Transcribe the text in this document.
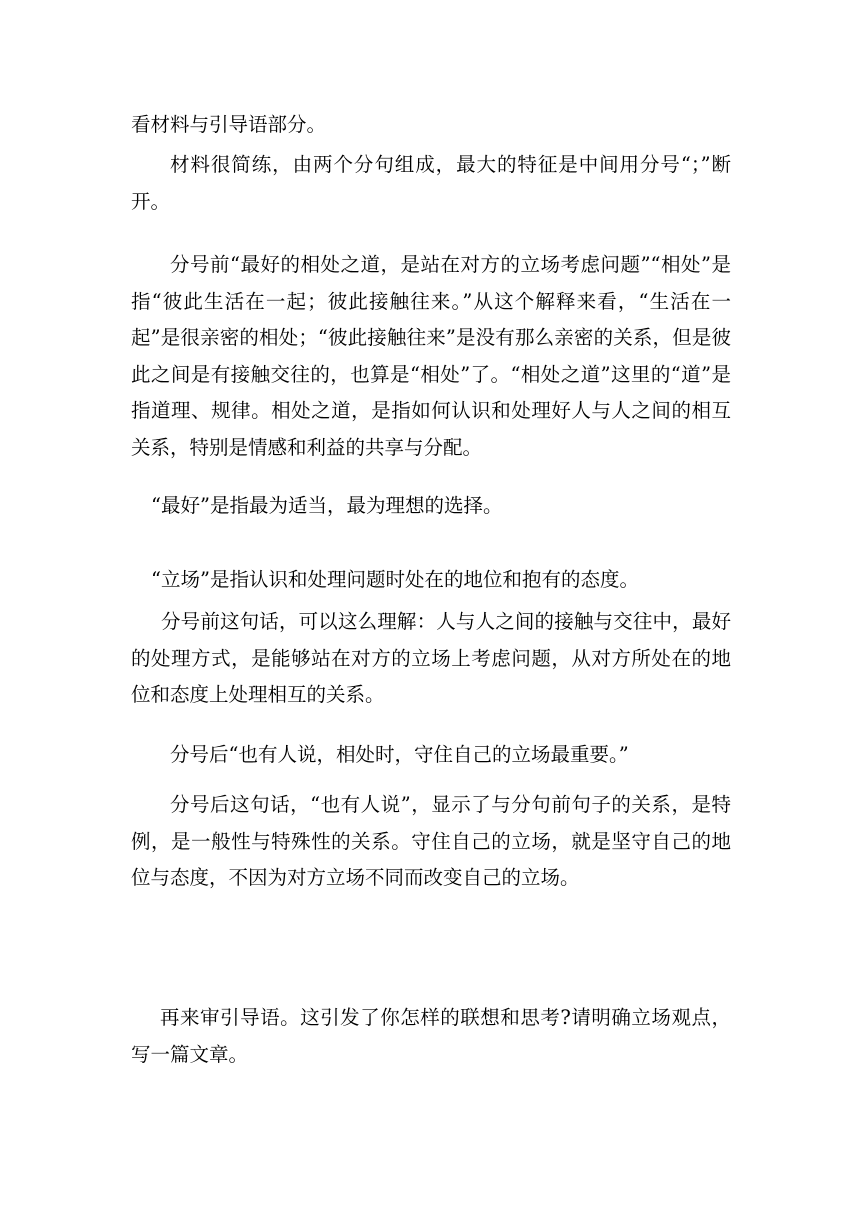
看材料与引导语部分。

材料很简练，由两个分句组成，最大的特征是中间用分号“；”断开。

分号前“最好的相处之道，是站在对方的立场考虑问题”“相处”是指“彼此生活在一起；彼此接触往来。”从这个解释来看，“生活在一起”是很亲密的相处；“彼此接触往来”是没有那么亲密的关系，但是彼此之间是有接触交往的，也算是“相处”了。“相处之道”这里的“道”是指道理、规律。相处之道，是指如何认识和处理好人与人之间的相互关系，特别是情感和利益的共享与分配。

“最好”是指最为适当，最为理想的选择。

“立场”是指认识和处理问题时处在的地位和抱有的态度。

分号前这句话，可以这么理解：人与人之间的接触与交往中，最好的处理方式，是能够站在对方的立场上考虑问题，从对方所处在的地位和态度上处理相互的关系。

分号后“也有人说，相处时，守住自己的立场最重要。”

分号后这句话，“也有人说”，显示了与分句前句子的关系，是特例，是一般性与特殊性的关系。守住自己的立场，就是坚守自己的地位与态度，不因为对方立场不同而改变自己的立场。

再来审引导语。这引发了你怎样的联想和思考?请明确立场观点，写一篇文章。
